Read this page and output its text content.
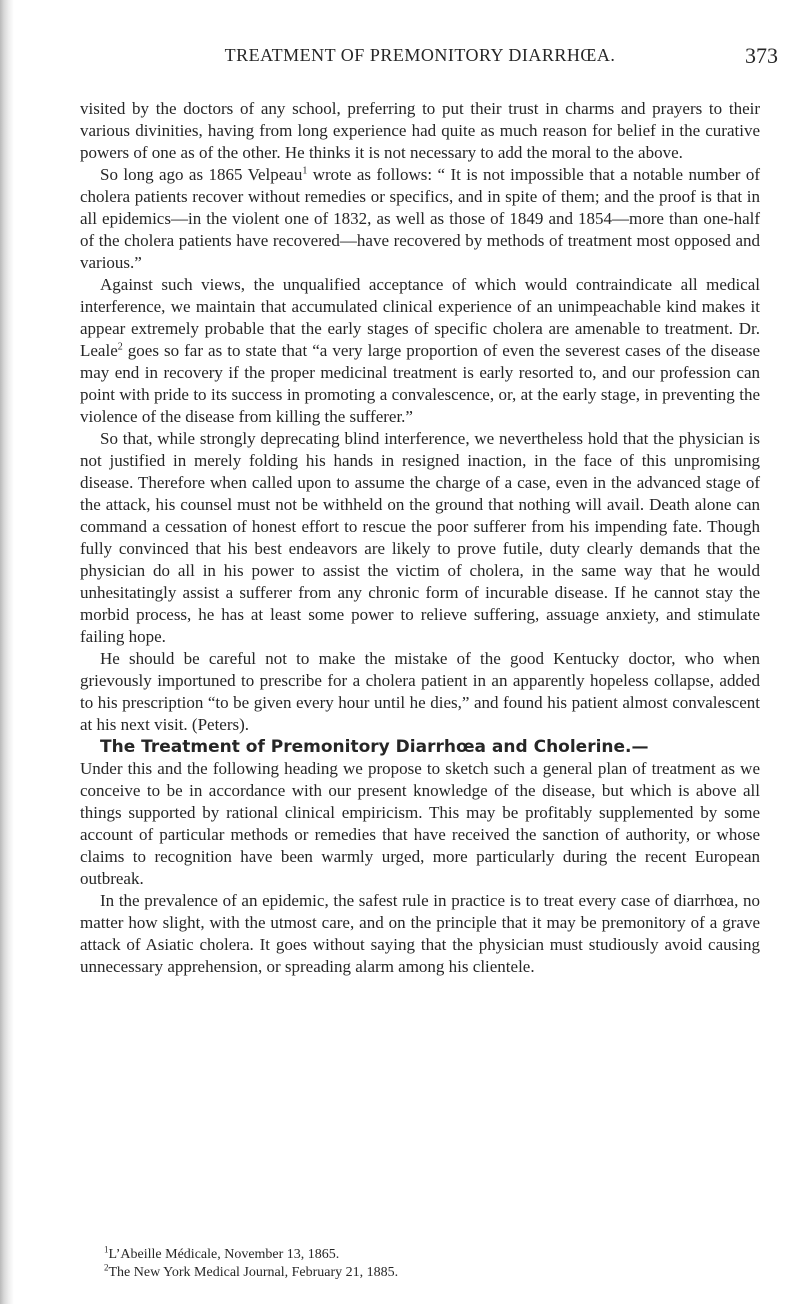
TREATMENT OF PREMONITORY DIARRHŒA.	373

visited by the doctors of any school, preferring to put their trust in charms and prayers to their various divinities, having from long experience had quite as much reason for belief in the curative powers of one as of the other. He thinks it is not necessary to add the moral to the above.

So long ago as 1865 Velpeau$^1$ wrote as follows: “ It is not impossible that a notable number of cholera patients recover without remedies or specifics, and in spite of them; and the proof is that in all epidemics—in the violent one of 1832, as well as those of 1849 and 1854—more than one-half of the cholera patients have recovered—have recovered by methods of treatment most opposed and various.”

Against such views, the unqualified acceptance of which would contraindicate all medical interference, we maintain that accumulated clinical experience of an unimpeachable kind makes it appear extremely probable that the early stages of specific cholera are amenable to treatment. Dr. Leale$^2$ goes so far as to state that “a very large proportion of even the severest cases of the disease may end in recovery if the proper medicinal treatment is early resorted to, and our profession can point with pride to its success in promoting a convalescence, or, at the early stage, in preventing the violence of the disease from killing the sufferer.”

So that, while strongly deprecating blind interference, we nevertheless hold that the physician is not justified in merely folding his hands in resigned inaction, in the face of this unpromising disease. Therefore when called upon to assume the charge of a case, even in the advanced stage of the attack, his counsel must not be withheld on the ground that nothing will avail. Death alone can command a cessation of honest effort to rescue the poor sufferer from his impending fate. Though fully convinced that his best endeavors are likely to prove futile, duty clearly demands that the physician do all in his power to assist the victim of cholera, in the same way that he would unhesitatingly assist a sufferer from any chronic form of incurable disease. If he cannot stay the morbid process, he has at least some power to relieve suffering, assuage anxiety, and stimulate failing hope.

He should be careful not to make the mistake of the good Kentucky doctor, who when grievously importuned to prescribe for a cholera patient in an apparently hopeless collapse, added to his prescription “to be given every hour until he dies,” and found his patient almost convalescent at his next visit. (Peters).

The Treatment of Premonitory Diarrhœa and Cholerine.—

Under this and the following heading we propose to sketch such a general plan of treatment as we conceive to be in accordance with our present knowledge of the disease, but which is above all things supported by rational clinical empiricism. This may be profitably supplemented by some account of particular methods or remedies that have received the sanction of authority, or whose claims to recognition have been warmly urged, more particularly during the recent European outbreak.

In the prevalence of an epidemic, the safest rule in practice is to treat every case of diarrhœa, no matter how slight, with the utmost care, and on the principle that it may be premonitory of a grave attack of Asiatic cholera. It goes without saying that the physician must studiously avoid causing unnecessary apprehension, or spreading alarm among his clientele.

$^1$L’Abeille Médicale, November 13, 1865.
$^2$The New York Medical Journal, February 21, 1885.
